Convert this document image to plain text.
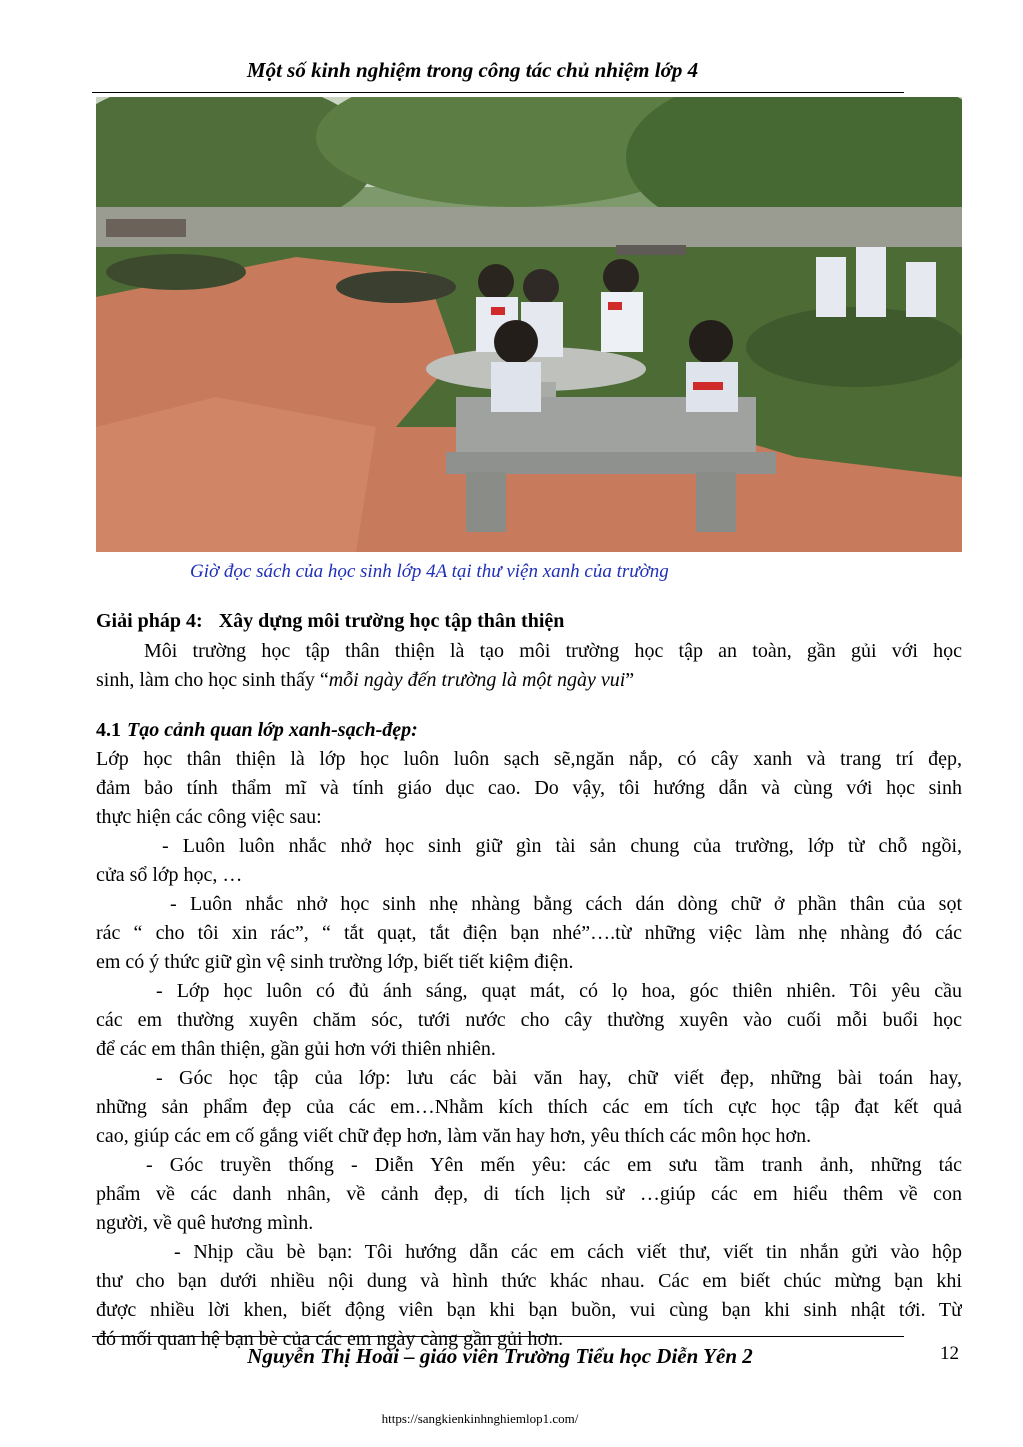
Một số kinh nghiệm trong công tác chủ nhiệm lớp 4
Giờ đọc sách của học sinh lớp 4A tại thư viện xanh của trường
Giải pháp 4: Xây dựng môi trường học tập thân thiện
Môi trường học tập thân thiện là tạo môi trường học tập an toàn, gần gủi với học
sinh, làm cho học sinh thấy “mỗi ngày đến trường là một ngày vui”
4.1 Tạo cảnh quan lớp xanh-sạch-đẹp:
Lớp học thân thiện là lớp học luôn luôn sạch sẽ,ngăn nắp, có cây xanh và trang trí đẹp,
đảm bảo tính thẩm mĩ và tính giáo dục cao. Do vậy, tôi hướng dẫn và cùng với học sinh
thực hiện các công việc sau:
- Luôn luôn nhắc nhở học sinh giữ gìn tài sản chung của trường, lớp từ chỗ ngồi,
cửa sổ lớp học, …
- Luôn nhắc nhở học sinh nhẹ nhàng bằng cách dán dòng chữ ở phần thân của sọt
rác “ cho tôi xin rác”, “ tắt quạt, tắt điện bạn nhé”….từ những việc làm nhẹ nhàng đó các
em có ý thức giữ gìn vệ sinh trường lớp, biết tiết kiệm điện.
- Lớp học luôn có đủ ánh sáng, quạt mát, có lọ hoa, góc thiên nhiên. Tôi yêu cầu
các em thường xuyên chăm sóc, tưới nước cho cây thường xuyên vào cuối mỗi buổi học
để các em thân thiện, gần gủi hơn với thiên nhiên.
- Góc học tập của lớp: lưu các bài văn hay, chữ viết đẹp, những bài toán hay,
những sản phẩm đẹp của các em…Nhằm kích thích các em tích cực học tập đạt kết quả
cao, giúp các em cố gắng viết chữ đẹp hơn, làm văn hay hơn, yêu thích các môn học hơn.
- Góc truyền thống - Diễn Yên mến yêu: các em sưu tầm tranh ảnh, những tác
phẩm về các danh nhân, về cảnh đẹp, di tích lịch sử …giúp các em hiểu thêm về con
người, về quê hương mình.
- Nhịp cầu bè bạn: Tôi hướng dẫn các em cách viết thư, viết tin nhắn gửi vào hộp
thư cho bạn dưới nhiều nội dung và hình thức khác nhau. Các em biết chúc mừng bạn khi
được nhiều lời khen, biết động viên bạn khi bạn buồn, vui cùng bạn khi sinh nhật tới. Từ
đó mối quan hệ bạn bè của các em ngày càng gần gủi hơn.
Nguyễn Thị Hoài – giáo viên Trường Tiểu học Diễn Yên 2	12
https://sangkienkinhnghiemlop1.com/
